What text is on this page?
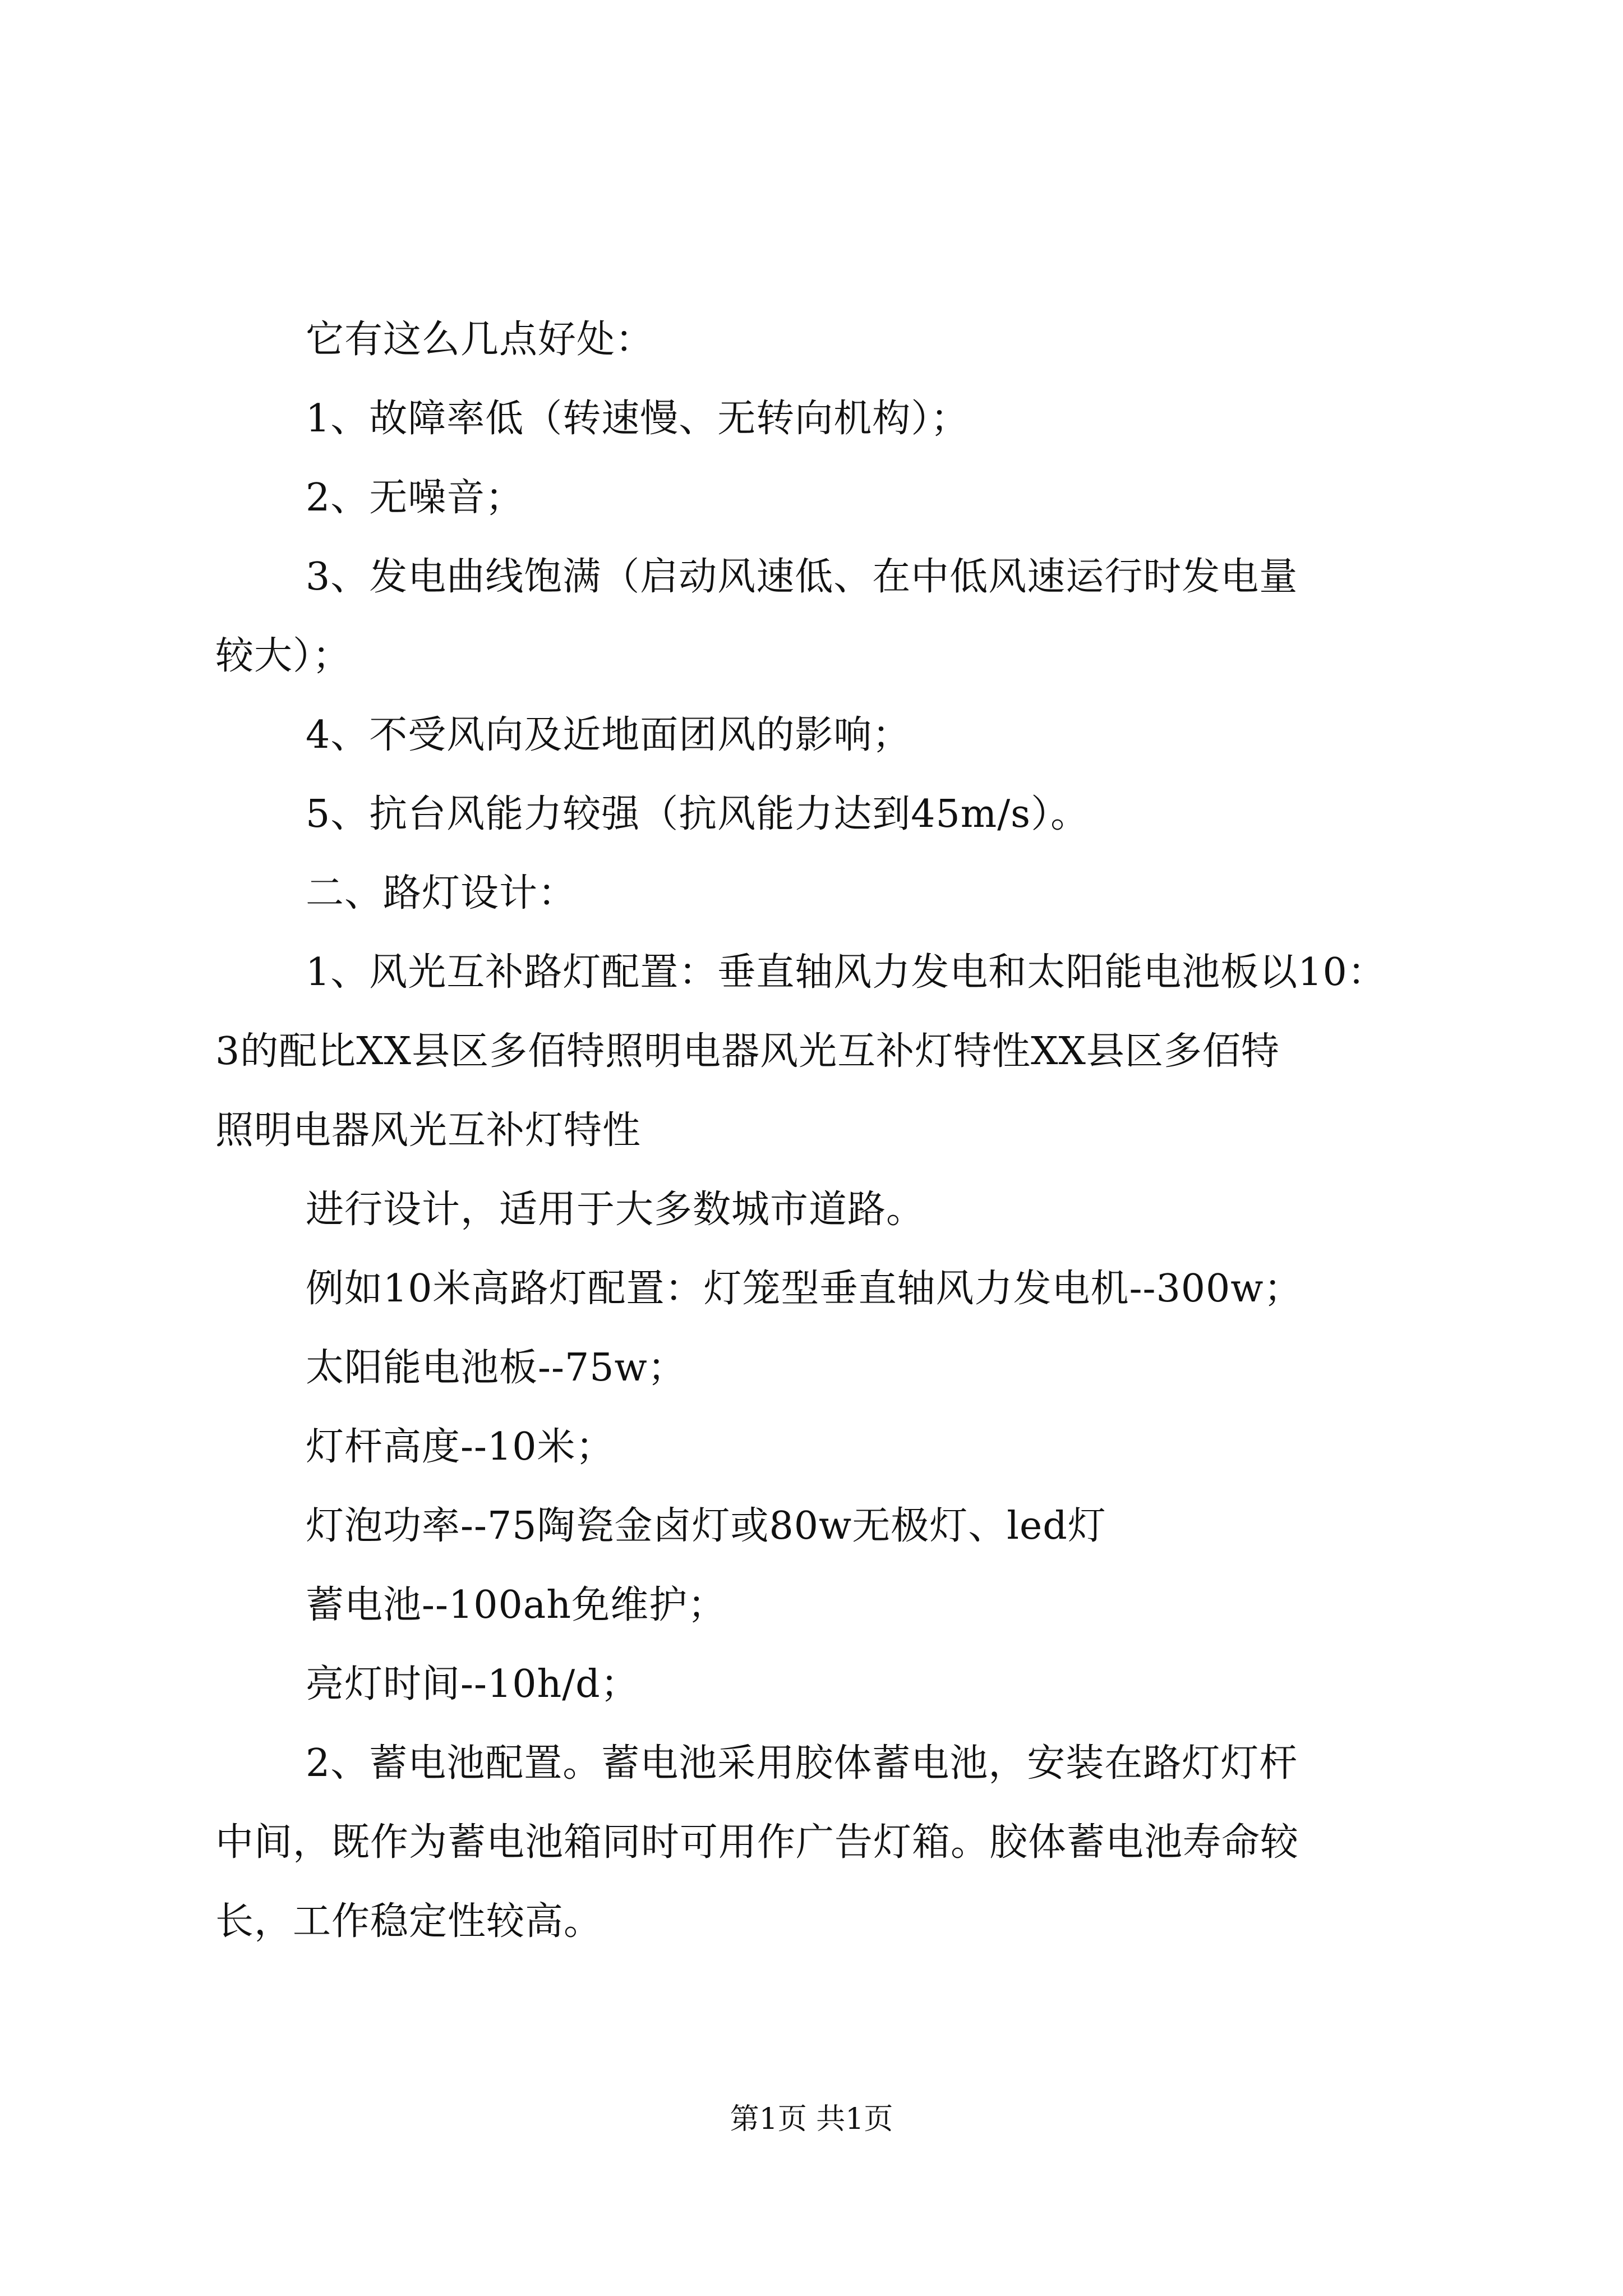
它有这么几点好处：
1、故障率低（转速慢、无转向机构）；
2、无噪音；
3、发电曲线饱满（启动风速低、在中低风速运行时发电量
较大）；
4、不受风向及近地面团风的影响；
5、抗台风能力较强（抗风能力达到45m/s）。
二、路灯设计：
1、风光互补路灯配置：垂直轴风力发电和太阳能电池板以10：
3的配比XX县区多佰特照明电器风光互补灯特性XX县区多佰特
照明电器风光互补灯特性
进行设计，适用于大多数城市道路。
例如10米高路灯配置：灯笼型垂直轴风力发电机--300w；
太阳能电池板--75w；
灯杆高度--10米；
灯泡功率--75陶瓷金卤灯或80w无极灯、led灯
蓄电池--100ah免维护；
亮灯时间--10h/d；
2、蓄电池配置。蓄电池采用胶体蓄电池，安装在路灯灯杆
中间，既作为蓄电池箱同时可用作广告灯箱。胶体蓄电池寿命较
长，工作稳定性较高。
第1页 共1页
